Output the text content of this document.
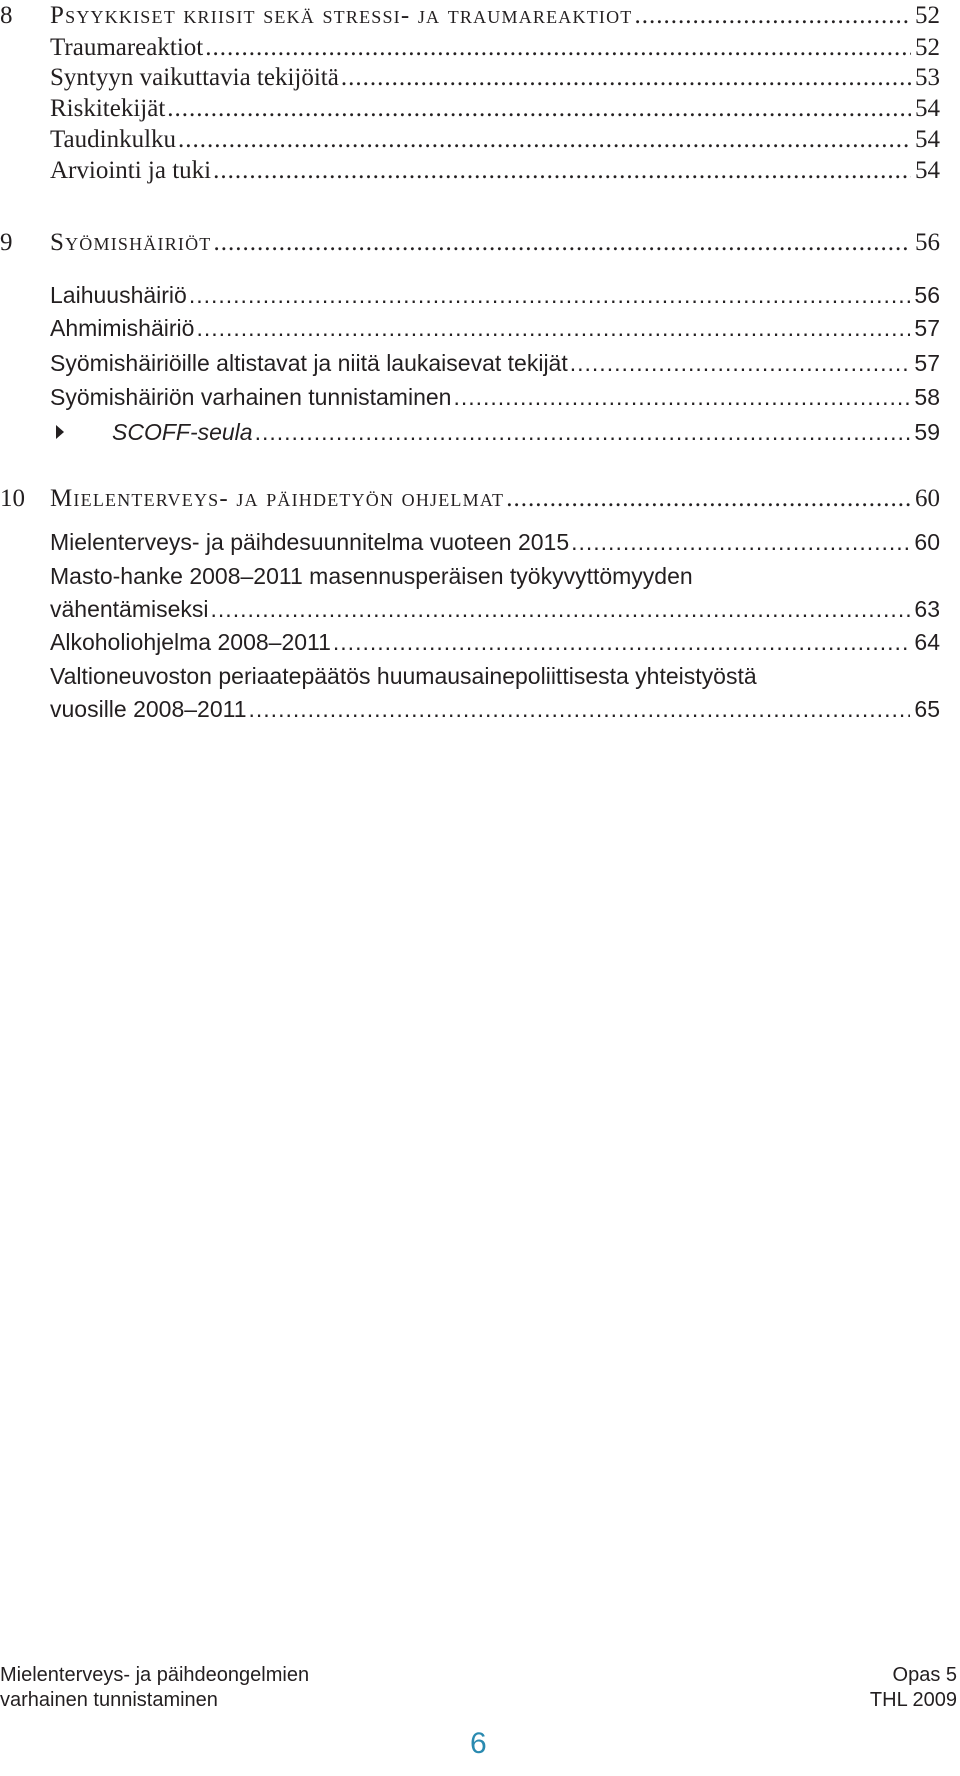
8 Psyykkiset kriisit sekä stressi- ja traumareaktiot .....	52
Traumareaktiot .....	52
Syntyyn vaikuttavia tekijöitä .....	53
Riskitekijät .....	54
Taudinkulku .....	54
Arviointi ja tuki .....	54
9 Syömishäiriöt .....	56
Laihuushäiriö .....	56
Ahmimishäiriö .....	57
Syömishäiriöille altistavat ja niitä laukaisevat tekijät .....	57
Syömishäiriön varhainen tunnistaminen .....	58
SCOFF-seula .....	59
10 Mielenterveys- ja päihdetyön ohjelmat .....	60
Mielenterveys- ja päihdesuunnitelma vuoteen 2015 .....	60
Masto-hanke 2008–2011 masennusperäisen työkyvyttömyyden
vähentämiseksi .....	63
Alkoholiohjelma 2008–2011 .....	64
Valtioneuvoston periaatepäätös huumausainepoliittisesta yhteistyöstä
vuosille 2008–2011 .....	65
Mielenterveys- ja päihdeongelmien
varhainen tunnistaminen
Opas 5
THL 2009
6
